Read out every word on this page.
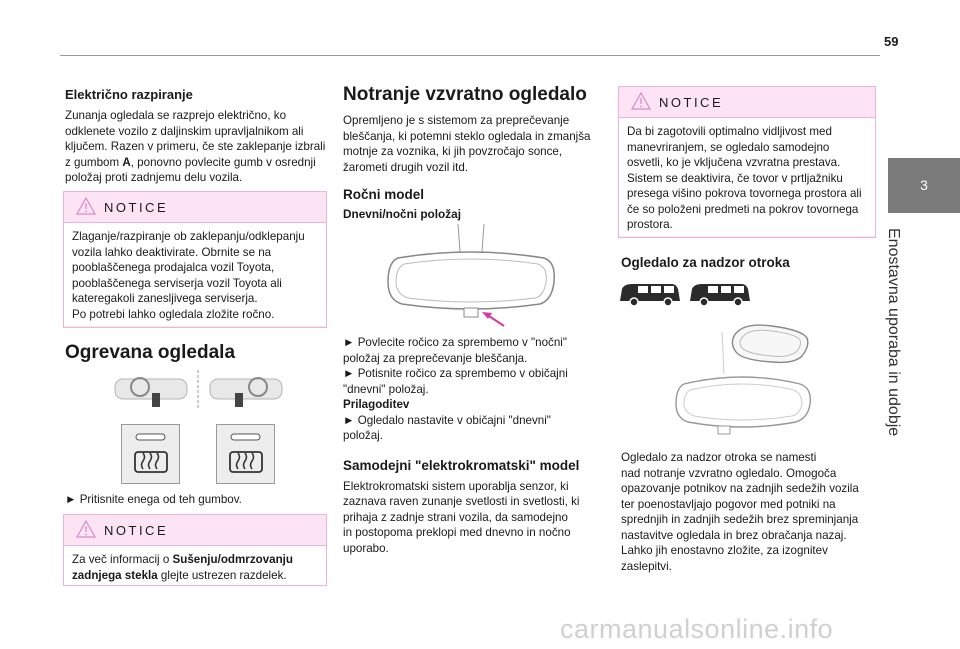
59
3
Enostavna uporaba in udobje
Električno razpiranje

Zunanja ogledala se razprejo električno, ko
odklenete vozilo z daljinskim upravljalnikom ali
ključem. Razen v primeru, če ste zaklepanje izbrali
z gumbom A, ponovno povlecite gumb v osrednji
položaj proti zadnjemu delu vozila.

NOTICE

Zlaganje/razpiranje ob zaklepanju/odklepanju
vozila lahko deaktivirate. Obrnite se na
pooblaščenega prodajalca vozil Toyota,
pooblaščenega serviserja vozil Toyota ali
kateregakoli zanesljivega serviserja.
Po potrebi lahko ogledala zložite ročno.

Ogrevana ogledala

► Pritisnite enega od teh gumbov.

NOTICE

Za več informacij o Sušenju/odmrzovanju
zadnjega stekla glejte ustrezen razdelek.

Notranje vzvratno ogledalo

Opremljeno je s sistemom za preprečevanje
bleščanja, ki potemni steklo ogledala in zmanjša
motnje za voznika, ki jih povzročajo sonce,
žarometi drugih vozil itd.

Ročni model
Dnevni/nočni položaj

► Povlecite ročico za sprembemo v "nočni"
položaj za preprečevanje bleščanja.
► Potisnite ročico za sprembemo v običajni
"dnevni" položaj.
Prilagoditev
► Ogledalo nastavite v običajni "dnevni"
položaj.

Samodejni "elektrokromatski" model

Elektrokromatski sistem uporablja senzor, ki
zaznava raven zunanje svetlosti in svetlosti, ki
prihaja z zadnje strani vozila, da samodejno
in postopoma preklopi med dnevno in nočno
uporabo.

NOTICE

Da bi zagotovili optimalno vidljivost med
manevriranjem, se ogledalo samodejno
osvetli, ko je vključena vzvratna prestava.
Sistem se deaktivira, če tovor v prtljažniku
presega višino pokrova tovornega prostora ali
če so položeni predmeti na pokrov tovornega
prostora.

Ogledalo za nadzor otroka

Ogledalo za nadzor otroka se namesti
nad notranje vzvratno ogledalo. Omogoča
opazovanje potnikov na zadnjih sedežih vozila
ter poenostavljajo pogovor med potniki na
sprednjih in zadnjih sedežih brez spreminjanja
nastavitve ogledala in brez obračanja nazaj.
Lahko jih enostavno zložite, za izognitev
zaslepitvi.

carmanualsonline.info
